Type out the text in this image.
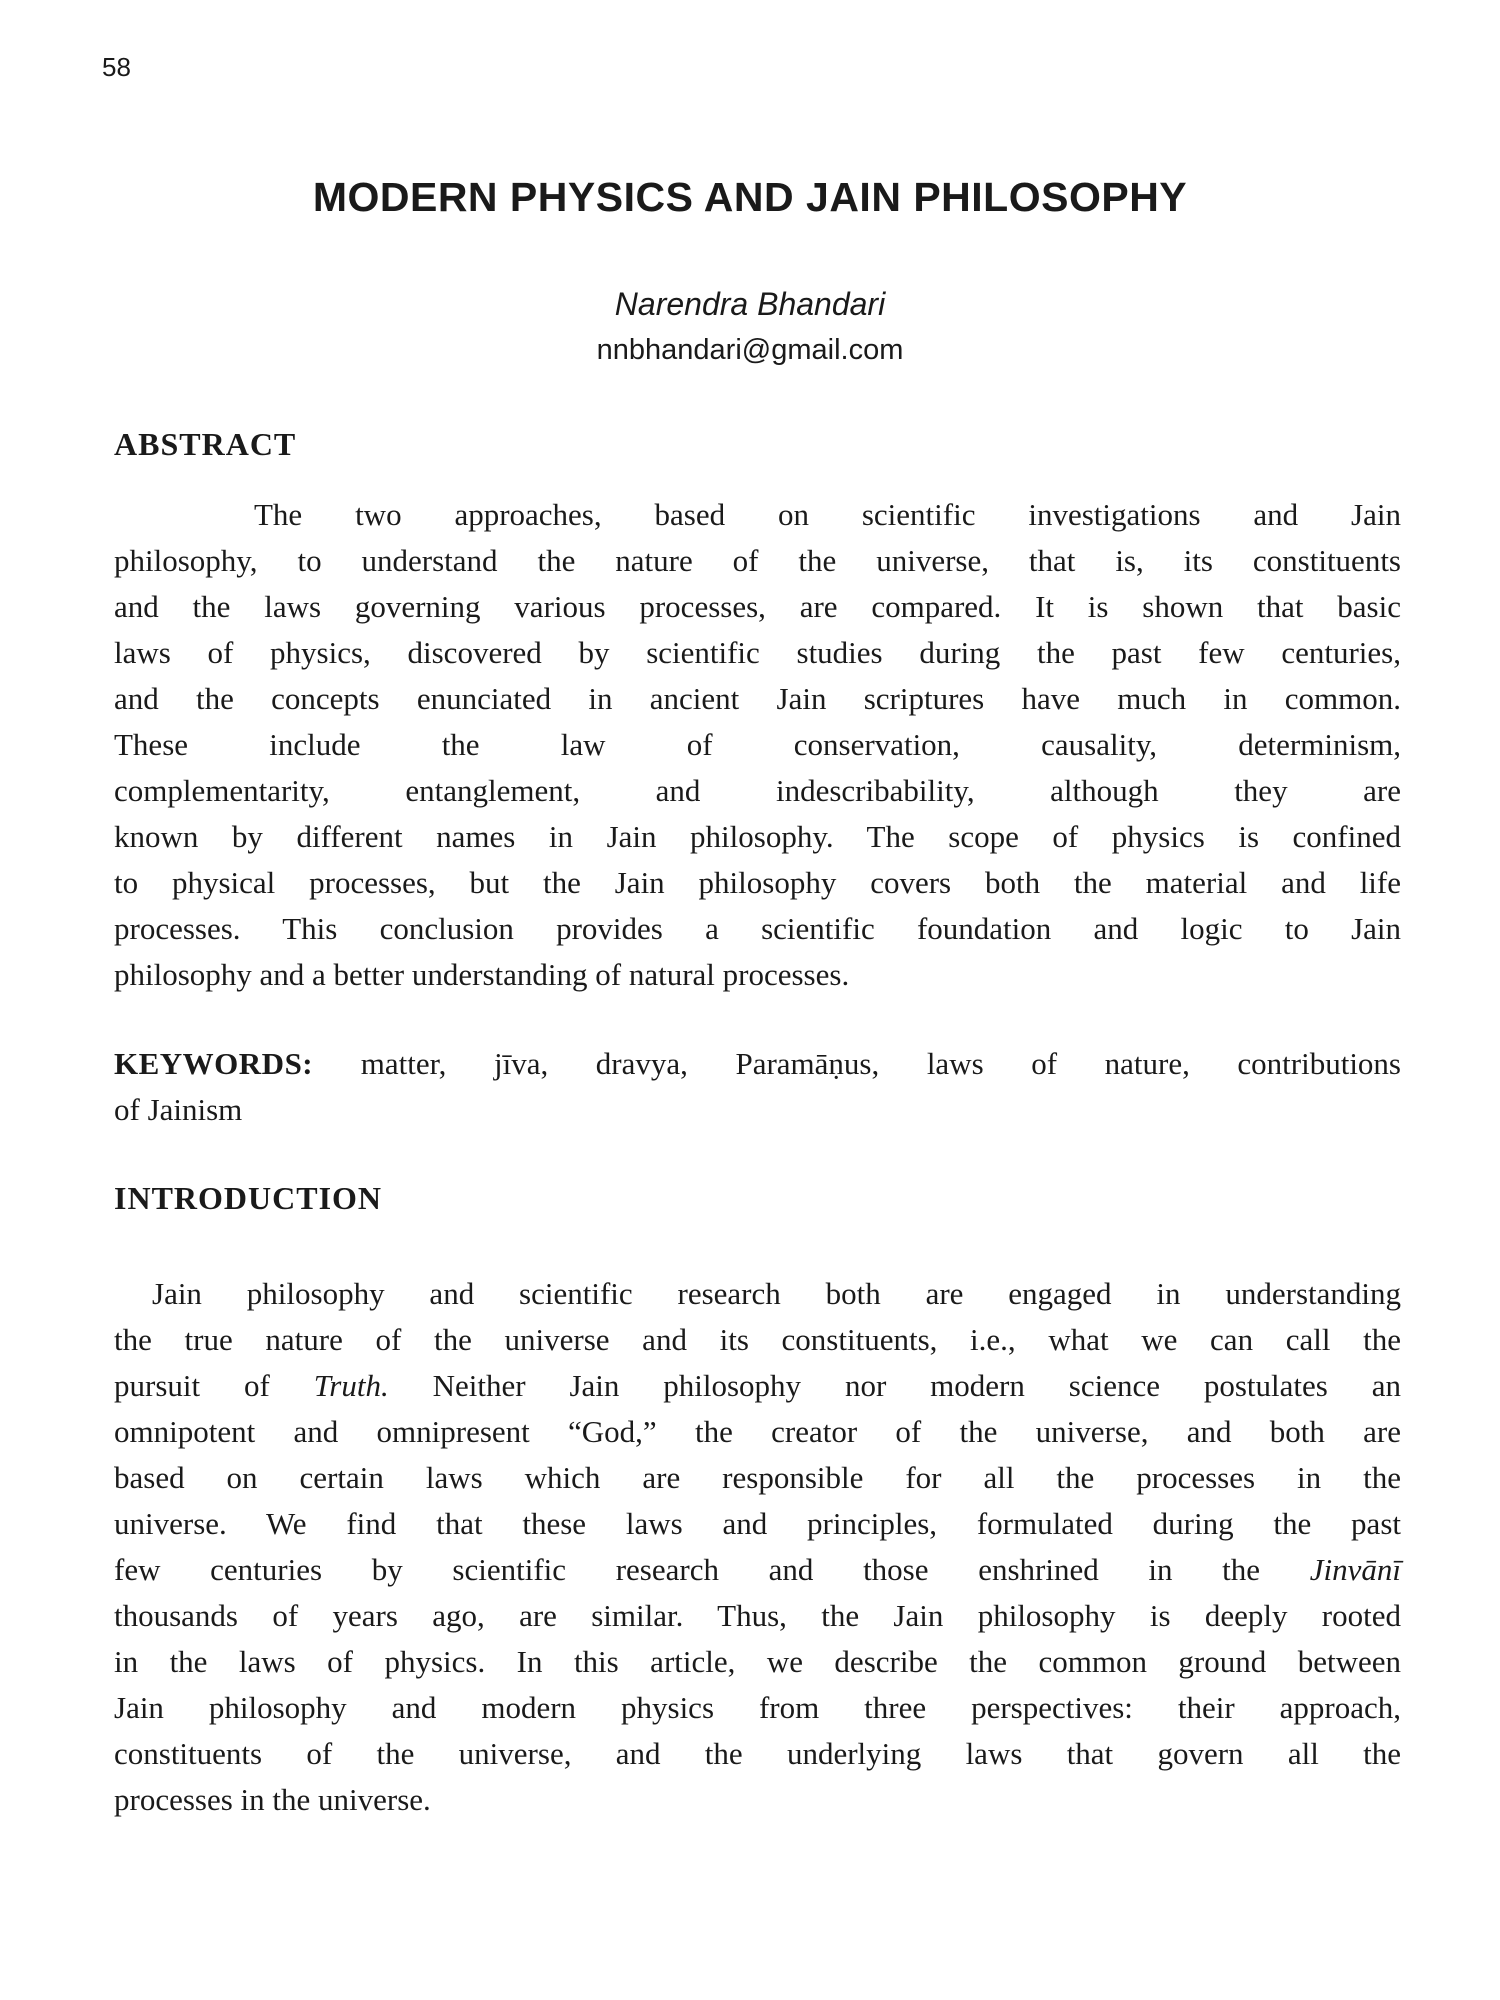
58
MODERN PHYSICS AND JAIN PHILOSOPHY
Narendra Bhandari
nnbhandari@gmail.com
ABSTRACT
The two approaches, based on scientific investigations and Jain
philosophy, to understand the nature of the universe, that is, its constituents
and the laws governing various processes, are compared. It is shown that basic
laws of physics, discovered by scientific studies during the past few centuries,
and the concepts enunciated in ancient Jain scriptures have much in common.
These include the law of conservation, causality, determinism,
complementarity, entanglement, and indescribability, although they are
known by different names in Jain philosophy. The scope of physics is confined
to physical processes, but the Jain philosophy covers both the material and life
processes. This conclusion provides a scientific foundation and logic to Jain
philosophy and a better understanding of natural processes.
KEYWORDS: matter, jīva, dravya, Paramāṇus, laws of nature, contributions
of Jainism
INTRODUCTION
Jain philosophy and scientific research both are engaged in understanding
the true nature of the universe and its constituents, i.e., what we can call the
pursuit of Truth. Neither Jain philosophy nor modern science postulates an
omnipotent and omnipresent “God,” the creator of the universe, and both are
based on certain laws which are responsible for all the processes in the
universe. We find that these laws and principles, formulated during the past
few centuries by scientific research and those enshrined in the Jinvānī
thousands of years ago, are similar. Thus, the Jain philosophy is deeply rooted
in the laws of physics. In this article, we describe the common ground between
Jain philosophy and modern physics from three perspectives: their approach,
constituents of the universe, and the underlying laws that govern all the
processes in the universe.
